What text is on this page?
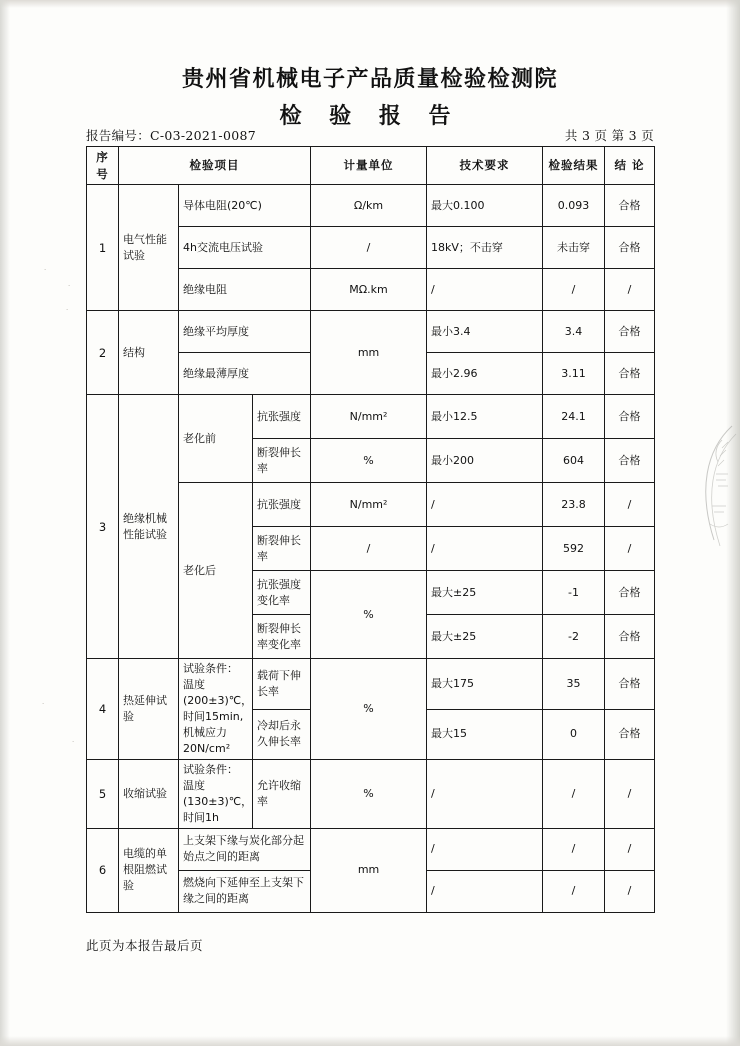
·
·
·
·
·
贵州省机械电子产品质量检验检测院
检 验 报 告
报告编号：C-03-2021-0087	共 3 页 第 3 页
序号	检验项目			计量单位	技术要求	检验结果	结 论
1	电气性能试验	导体电阻(20℃)		Ω/km	最大0.100	0.093	合格
		4h交流电压试验		/	18kV；不击穿	未击穿	合格
		绝缘电阻		MΩ.km	/	/	/
2	结构	绝缘平均厚度		mm	最小3.4	3.4	合格
		绝缘最薄厚度			最小2.96	3.11	合格
3	绝缘机械性能试验	老化前	抗张强度	N/mm²	最小12.5	24.1	合格
			断裂伸长率	%	最小200	604	合格
		老化后	抗张强度	N/mm²	/	23.8	/
			断裂伸长率	/	/	592	/
			抗张强度变化率	%	最大±25	-1	合格
			断裂伸长率变化率		最大±25	-2	合格
4	热延伸试验	试验条件：温度(200±3)℃，时间15min,机械应力20N/cm²	载荷下伸长率	%	最大175	35	合格
			冷却后永久伸长率		最大15	0	合格
5	收缩试验	试验条件：温度(130±3)℃，时间1h	允许收缩率	%	/	/	/
6	电缆的单根阻燃试验	上支架下缘与炭化部分起始点之间的距离		mm	/	/	/
		燃烧向下延伸至上支架下缘之间的距离			/	/	/
此页为本报告最后页
